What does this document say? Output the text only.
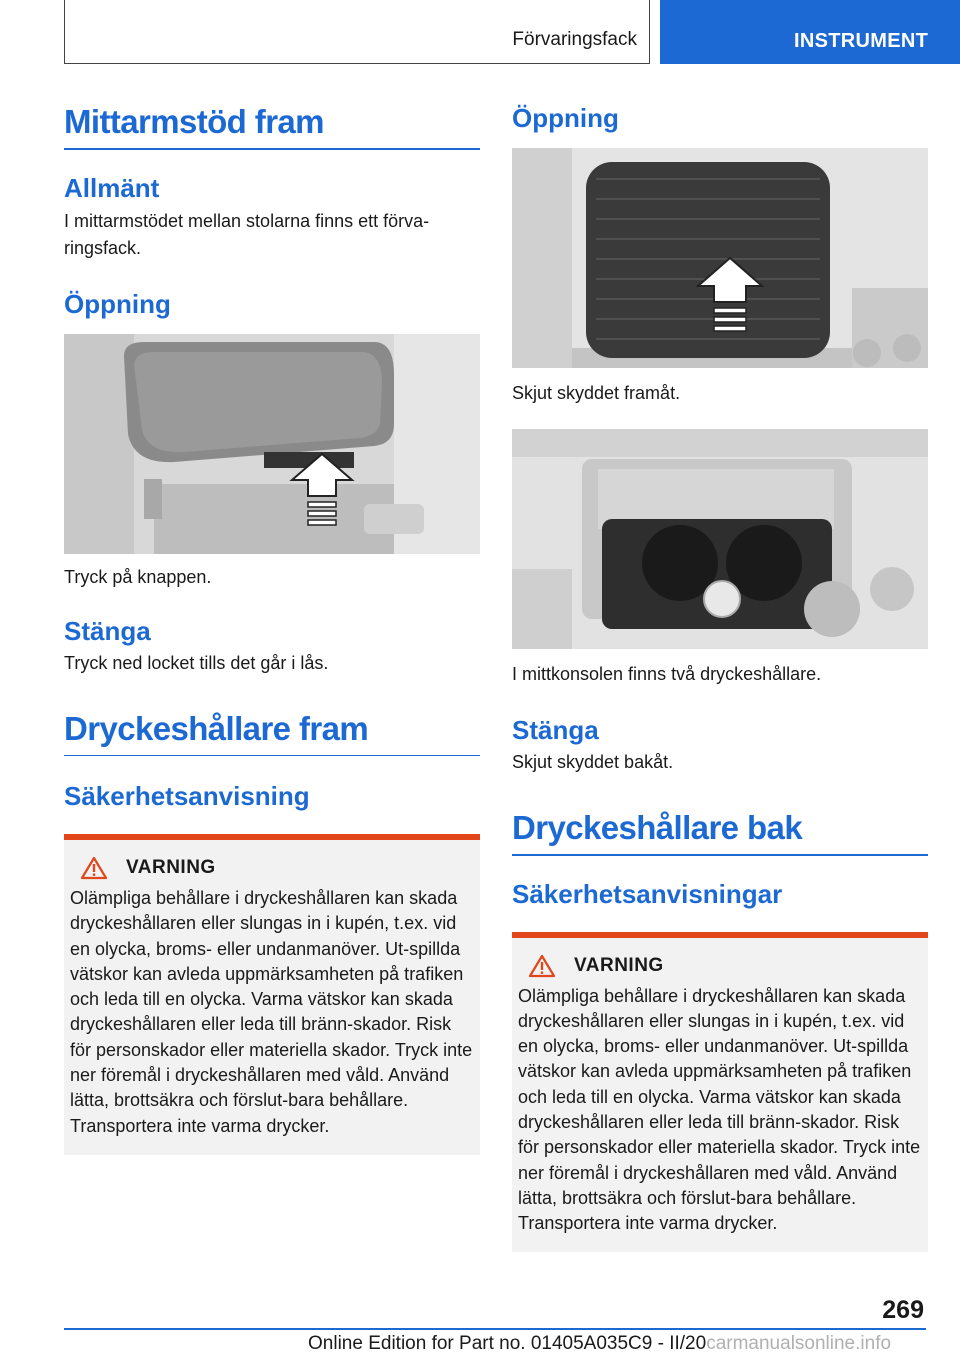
Förvaringsfack	INSTRUMENT
Mittarmstöd fram
Allmänt

I mittarmstödet mellan stolarna finns ett förva-
ringsfack.

Öppning

Tryck på knappen.

Stänga

Tryck ned locket tills det går i lås.

Dryckeshållare fram
Säkerhetsanvisning
VARNING

Olämpliga behållare i dryckeshållaren kan skada dryckeshållaren eller slungas in i kupén, t.ex. vid en olycka, broms- eller undanmanöver. Ut-spillda vätskor kan avleda uppmärksamheten på trafiken och leda till en olycka. Varma vätskor kan skada dryckeshållaren eller leda till bränn-skador. Risk för personskador eller materiella skador. Tryck inte ner föremål i dryckeshållaren med våld. Använd lätta, brottsäkra och förslut-bara behållare. Transportera inte varma drycker.

Öppning

Skjut skyddet framåt.

I mittkonsolen finns två dryckeshållare.

Stänga

Skjut skyddet bakåt.

Dryckeshållare bak
Säkerhetsanvisningar
VARNING

Olämpliga behållare i dryckeshållaren kan skada dryckeshållaren eller slungas in i kupén, t.ex. vid en olycka, broms- eller undanmanöver. Ut-spillda vätskor kan avleda uppmärksamheten på trafiken och leda till en olycka. Varma vätskor kan skada dryckeshållaren eller leda till bränn-skador. Risk för personskador eller materiella skador. Tryck inte ner föremål i dryckeshållaren med våld. Använd lätta, brottsäkra och förslut-bara behållare. Transportera inte varma drycker.

269
Online Edition for Part no. 01405A035C9 - II/20carmanualsonline.info
